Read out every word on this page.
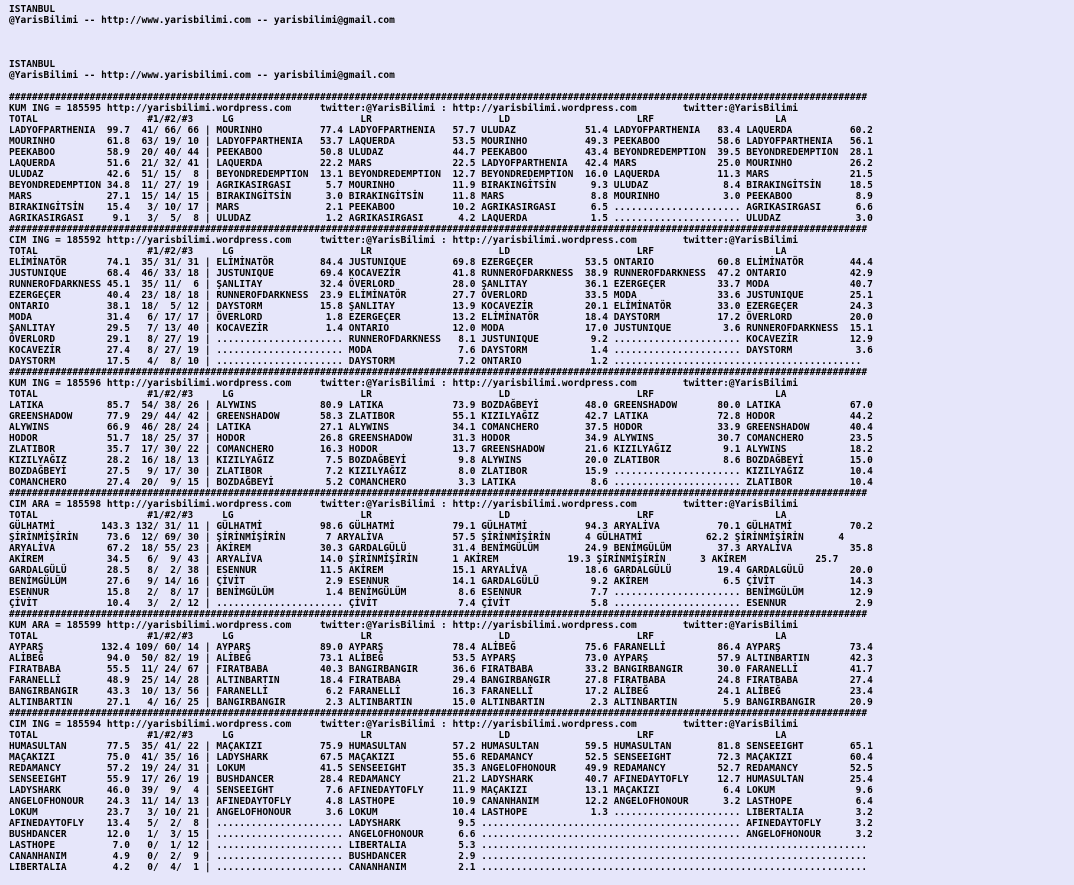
ISTANBUL
@YarisBilimi -- http://www.yarisbilimi.com -- yarisbilimi@gmail.com
ISTANBUL
@YarisBilimi -- http://www.yarisbilimi.com -- yarisbilimi@gmail.com
#####################################################################################################################################################
KUM ING = 185595 http://yarisbilimi.wordpress.com     twitter:@YarisBilimi : http://yarisbilimi.wordpress.com        twitter:@YarisBilimi
TOTAL                   #1/#2/#3     LG                      LR                      LD                      LRF                     LA
LADYOFPARTHENIA  99.7  41/ 66/ 66 | MOURINHO          77.4 LADYOFPARTHENIA   57.7 ULUDAZ            51.4 LADYOFPARTHENIA   83.4 LAQUERDA          60.2
MOURINHO         61.8  63/ 19/ 10 | LADYOFPARTHENIA   53.7 LAQUERDA          53.5 MOURINHO          49.3 PEEKABOO          58.6 LADYOFPARTHENIA   56.1
PEEKABOO         58.9  20/ 40/ 44 | PEEKABOO          50.8 ULUDAZ            44.7 PEEKABOO          43.4 BEYONDREDEMPTION  39.5 BEYONDREDEMPTION  28.1
LAQUERDA         51.6  21/ 32/ 41 | LAQUERDA          22.2 MARS              22.5 LADYOFPARTHENIA   42.4 MARS              25.0 MOURINHO          26.2
ULUDAZ           42.6  51/ 15/  8 | BEYONDREDEMPTION  13.1 BEYONDREDEMPTION  12.7 BEYONDREDEMPTION  16.0 LAQUERDA          11.3 MARS              21.5
BEYONDREDEMPTION 34.8  11/ 27/ 19 | AGRIKASIRGASI      5.7 MOURINHO          11.9 BIRAKINGİTSİN      9.3 ULUDAZ             8.4 BIRAKINGİTSİN     18.5
MARS             27.1  15/ 14/ 15 | BIRAKINGİTSİN      3.0 BIRAKINGİTSİN     11.8 MARS               8.8 MOURINHO           3.0 PEEKABOO           8.9
BIRAKINGİTSİN    15.4   3/ 10/ 17 | MARS               2.1 PEEKABOO          10.2 AGRIKASIRGASI      6.5 ...................... AGRIKASIRGASI      6.6
AGRIKASIRGASI     9.1   3/  5/  8 | ULUDAZ             1.2 AGRIKASIRGASI      4.2 LAQUERDA           1.5 ...................... ULUDAZ             3.0
#####################################################################################################################################################
CIM ING = 185592 http://yarisbilimi.wordpress.com     twitter:@YarisBilimi : http://yarisbilimi.wordpress.com        twitter:@YarisBilimi
TOTAL                   #1/#2/#3     LG                      LR                      LD                      LRF                     LA
ELİMİNATÖR       74.1  35/ 31/ 31 | ELİMİNATÖR        84.4 JUSTUNIQUE        69.8 EZERGEÇER         53.5 ONTARIO           60.8 ELİMİNATÖR        44.4
JUSTUNIQUE       68.4  46/ 33/ 18 | JUSTUNIQUE        69.4 KOCAVEZİR         41.8 RUNNEROFDARKNESS  38.9 RUNNEROFDARKNESS  47.2 ONTARIO           42.9
RUNNEROFDARKNESS 45.1  35/ 11/  6 | ŞANLITAY          32.4 ÖVERLORD          28.0 ŞANLITAY          36.1 EZERGEÇER         33.7 MODA              40.7
EZERGEÇER        40.4  23/ 18/ 18 | RUNNEROFDARKNESS  23.9 ELİMİNATÖR        27.7 ÖVERLORD          33.5 MODA              33.6 JUSTUNIQUE        25.1
ONTARIO          38.1  18/  5/ 12 | DAYSTORM          15.8 ŞANLITAY          13.9 KOCAVEZİR         20.1 ELİMİNATÖR        33.0 EZERGEÇER         24.3
MODA             31.4   6/ 17/ 17 | ÖVERLORD           1.8 EZERGEÇER         13.2 ELİMİNATÖR        18.4 DAYSTORM          17.2 ÖVERLORD          20.0
ŞANLITAY         29.5   7/ 13/ 40 | KOCAVEZİR          1.4 ONTARIO           12.0 MODA              17.0 JUSTUNIQUE         3.6 RUNNEROFDARKNESS  15.1
ÖVERLORD         29.1   8/ 27/ 19 | ...................... RUNNEROFDARKNESS   8.1 JUSTUNIQUE         9.2 ...................... KOCAVEZİR         12.9
KOCAVEZİR        27.4   8/ 27/ 19 | ...................... MODA               7.6 DAYSTORM           1.4 ...................... DAYSTORM           3.6
DAYSTORM         17.5   4/  8/ 10 | ...................... DAYSTORM           7.2 ONTARIO            1.2 ...........................................
#####################################################################################################################################################
KUM ING = 185596 http://yarisbilimi.wordpress.com     twitter:@YarisBilimi : http://yarisbilimi.wordpress.com        twitter:@YarisBilimi
TOTAL                   #1/#2/#3     LG                      LR                      LD                      LRF                     LA
LATIKA           85.7  54/ 38/ 26 | ALYWINS           80.9 LATIKA            73.9 BOZDAĞBEYİ        48.0 GREENSHADOW       80.0 LATIKA            67.0
GREENSHADOW      77.9  29/ 44/ 42 | GREENSHADOW       58.3 ZLATIBOR          55.1 KIZILYAĞIZ        42.7 LATIKA            72.8 HODOR             44.2
ALYWINS          66.9  46/ 28/ 24 | LATIKA            27.1 ALYWINS           34.1 COMANCHERO        37.5 HODOR             33.9 GREENSHADOW       40.4
HODOR            51.7  18/ 25/ 37 | HODOR             26.8 GREENSHADOW       31.3 HODOR             34.9 ALYWINS           30.7 COMANCHERO        23.5
ZLATIBOR         35.7  17/ 30/ 22 | COMANCHERO        16.3 HODOR             13.7 GREENSHADOW       21.6 KIZILYAĞIZ         9.1 ALYWINS           18.2
KIZILYAĞIZ       28.2  16/ 18/ 13 | KIZILYAĞIZ         7.5 BOZDAĞBEYİ         9.8 ALYWINS           20.0 ZLATIBOR           8.6 BOZDAĞBEYİ        15.0
BOZDAĞBEYİ       27.5   9/ 17/ 30 | ZLATIBOR           7.2 KIZILYAĞIZ         8.0 ZLATIBOR          15.9 ...................... KIZILYAĞIZ        10.4
COMANCHERO       27.4  20/  9/ 15 | BOZDAĞBEYİ         5.2 COMANCHERO         3.3 LATIKA             8.6 ...................... ZLATIBOR          10.4
#####################################################################################################################################################
CIM ARA = 185598 http://yarisbilimi.wordpress.com     twitter:@YarisBilimi : http://yarisbilimi.wordpress.com        twitter:@YarisBilimi
TOTAL                   #1/#2/#3     LG                      LR                      LD                      LRF                     LA
GÜLHATMİ        143.3 132/ 31/ 11 | GÜLHATMİ          98.6 GÜLHATMİ          79.1 GÜLHATMİ          94.3 ARYALİVA          70.1 GÜLHATMİ          70.2
ŞİRİNMİŞİRİN     73.6  12/ 69/ 30 | ŞİRİNMİŞİRİN       7 ARYALİVA            57.5 ŞİRİNMİŞİRİN      4 GÜLHATMİ           62.2 ŞİRİNMİŞİRİN      4
ARYALİVA         67.2  18/ 55/ 23 | AKİREM            30.3 GARDALGÜLÜ        31.4 BENİMGÜLÜM        24.9 BENİMGÜLÜM        37.3 ARYALİVA          35.8
AKİREM           34.5   6/  9/ 43 | ARYALİVA          14.0 ŞİRİNMİŞİRİN      1 AKİREM            19.3 ŞİRİNMİŞİRİN      3 AKİREM            25.7
GARDALGÜLÜ       28.5   8/  2/ 38 | ESENNUR           11.5 AKİREM            15.1 ARYALİVA          18.6 GARDALGÜLÜ        19.4 GARDALGÜLÜ        20.0
BENİMGÜLÜM       27.6   9/ 14/ 16 | ÇİVİT              2.9 ESENNUR           14.1 GARDALGÜLÜ         9.2 AKİREM             6.5 ÇİVİT             14.3
ESENNUR          15.8   2/  8/ 17 | BENİMGÜLÜM         1.4 BENİMGÜLÜM         8.6 ESENNUR            7.7 ...................... BENİMGÜLÜM        12.9
ÇİVİT            10.4   3/  2/ 12 | ...................... ÇİVİT              7.4 ÇİVİT              5.8 ...................... ESENNUR            2.9
#####################################################################################################################################################
KUM ARA = 185599 http://yarisbilimi.wordpress.com     twitter:@YarisBilimi : http://yarisbilimi.wordpress.com        twitter:@YarisBilimi
TOTAL                   #1/#2/#3     LG                      LR                      LD                      LRF                     LA
AYPARŞ          132.4 109/ 60/ 14 | AYPARŞ            89.0 AYPARŞ            78.4 ALİBEĞ            75.6 FARANELLİ         86.4 AYPARŞ            73.4
ALİBEĞ           94.0  50/ 82/ 19 | ALİBEĞ            73.1 ALİBEĞ            53.5 AYPARŞ            73.0 AYPARŞ            57.9 ALTINBARTIN       42.3
FIRATBABA        55.5  11/ 24/ 67 | FIRATBABA         40.3 BANGIRBANGIR      36.6 FIRATBABA         33.2 BANGIRBANGIR      30.0 FARANELLİ         41.7
FARANELLİ        48.9  25/ 14/ 28 | ALTINBARTIN       18.4 FIRATBABA         29.4 BANGIRBANGIR      27.8 FIRATBABA         24.8 FIRATBABA         27.4
BANGIRBANGIR     43.3  10/ 13/ 56 | FARANELLİ          6.2 FARANELLİ         16.3 FARANELLİ         17.2 ALİBEĞ            24.1 ALİBEĞ            23.4
ALTINBARTIN      27.1   4/ 16/ 25 | BANGIRBANGIR       2.3 ALTINBARTIN       15.0 ALTINBARTIN        2.3 ALTINBARTIN        5.9 BANGIRBANGIR      20.9
#####################################################################################################################################################
CIM ING = 185594 http://yarisbilimi.wordpress.com     twitter:@YarisBilimi : http://yarisbilimi.wordpress.com        twitter:@YarisBilimi
TOTAL                   #1/#2/#3     LG                      LR                      LD                      LRF                     LA
HUMASULTAN       77.5  35/ 41/ 22 | MAÇAKIZI          75.9 HUMASULTAN        57.2 HUMASULTAN        59.5 HUMASULTAN        81.8 SENSEEIGHT        65.1
MAÇAKIZI         75.0  41/ 35/ 16 | LADYSHARK         67.5 MAÇAKIZI          55.6 REDAMANCY         52.5 SENSEEIGHT        72.3 MAÇAKIZI          60.4
REDAMANCY        57.2  19/ 24/ 31 | LOKUM             41.5 SENSEEIGHT        35.3 ANGELOFHONOUR     49.9 REDAMANCY         52.7 REDAMANCY         52.5
SENSEEIGHT       55.9  17/ 26/ 19 | BUSHDANCER        28.4 REDAMANCY         21.2 LADYSHARK         40.7 AFINEDAYTOFLY     12.7 HUMASULTAN        25.4
LADYSHARK        46.0  39/  9/  4 | SENSEEIGHT         7.6 AFINEDAYTOFLY     11.9 MAÇAKIZI          13.1 MAÇAKIZI           6.4 LOKUM              9.6
ANGELOFHONOUR    24.3  11/ 14/ 13 | AFINEDAYTOFLY      4.8 LASTHOPE          10.9 CANANHANIM        12.2 ANGELOFHONOUR      3.2 LASTHOPE           6.4
LOKUM            23.7   3/ 10/ 21 | ANGELOFHONOUR      3.6 LOKUM             10.4 LASTHOPE           1.3 ...................... LIBERTALIA         3.2
AFINEDAYTOFLY    13.4   5/  2/  8 | ...................... LADYSHARK          9.5 ............................................. AFINEDAYTOFLY      3.2
BUSHDANCER       12.0   1/  3/ 15 | ...................... ANGELOFHONOUR      6.6 ............................................. ANGELOFHONOUR      3.2
LASTHOPE          7.0   0/  1/ 12 | ...................... LIBERTALIA         5.3 ...................................................................
CANANHANIM        4.9   0/  2/  9 | ...................... BUSHDANCER         2.9 ...................................................................
LIBERTALIA        4.2   0/  4/  1 | ...................... CANANHANIM         2.1 ...................................................................
